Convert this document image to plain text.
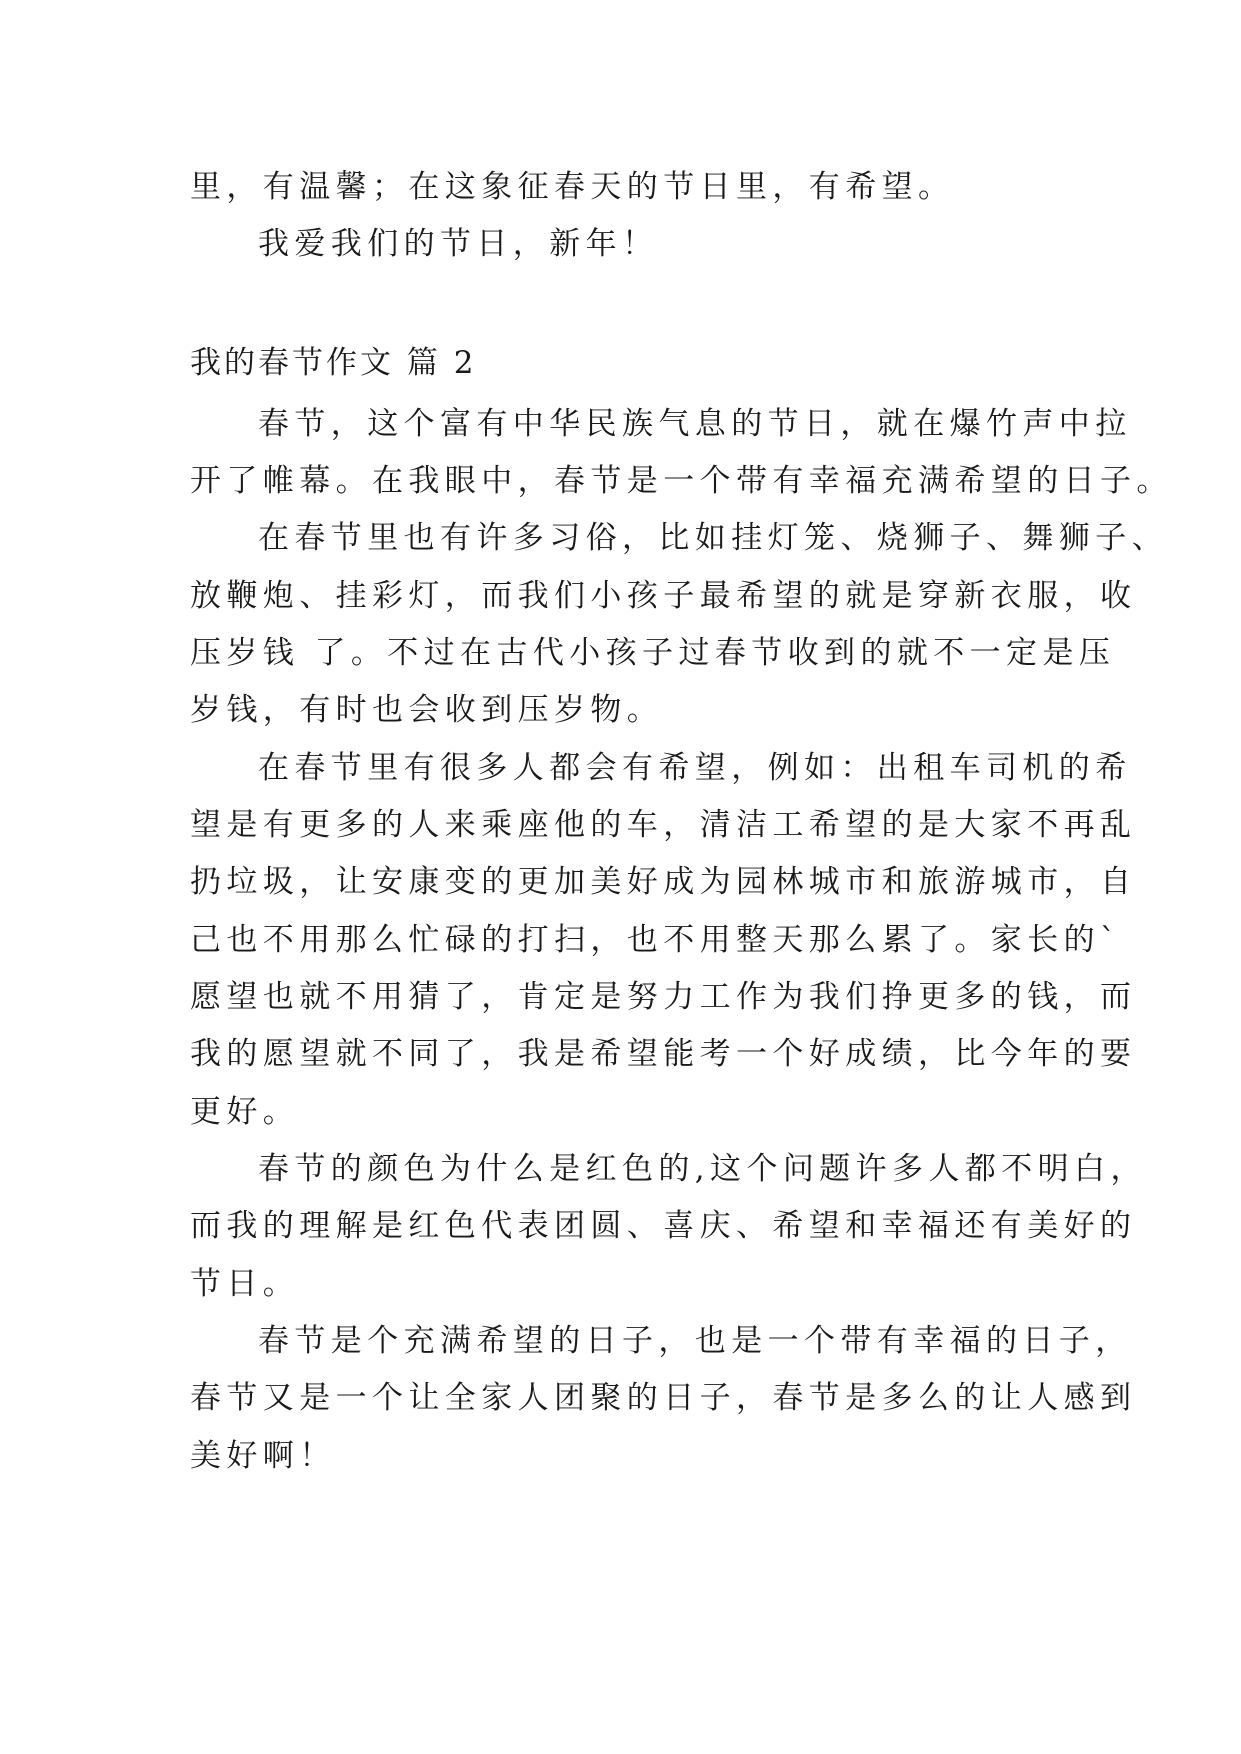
里，有温馨；在这象征春天的节日里，有希望。
我爱我们的节日，新年！
我的春节作文 篇 2
春节，这个富有中华民族气息的节日，就在爆竹声中拉
开了帷幕。在我眼中，春节是一个带有幸福充满希望的日子。
在春节里也有许多习俗，比如挂灯笼、烧狮子、舞狮子、
放鞭炮、挂彩灯，而我们小孩子最希望的就是穿新衣服，收
压岁钱 了。不过在古代小孩子过春节收到的就不一定是压
岁钱，有时也会收到压岁物。
在春节里有很多人都会有希望，例如：出租车司机的希
望是有更多的人来乘座他的车，清洁工希望的是大家不再乱
扔垃圾，让安康变的更加美好成为园林城市和旅游城市，自
己也不用那么忙碌的打扫，也不用整天那么累了。家长的`
愿望也就不用猜了，肯定是努力工作为我们挣更多的钱，而
我的愿望就不同了，我是希望能考一个好成绩，比今年的要
更好。
春节的颜色为什么是红色的,这个问题许多人都不明白，
而我的理解是红色代表团圆、喜庆、希望和幸福还有美好的
节日。
春节是个充满希望的日子，也是一个带有幸福的日子，
春节又是一个让全家人团聚的日子，春节是多么的让人感到
美好啊！
